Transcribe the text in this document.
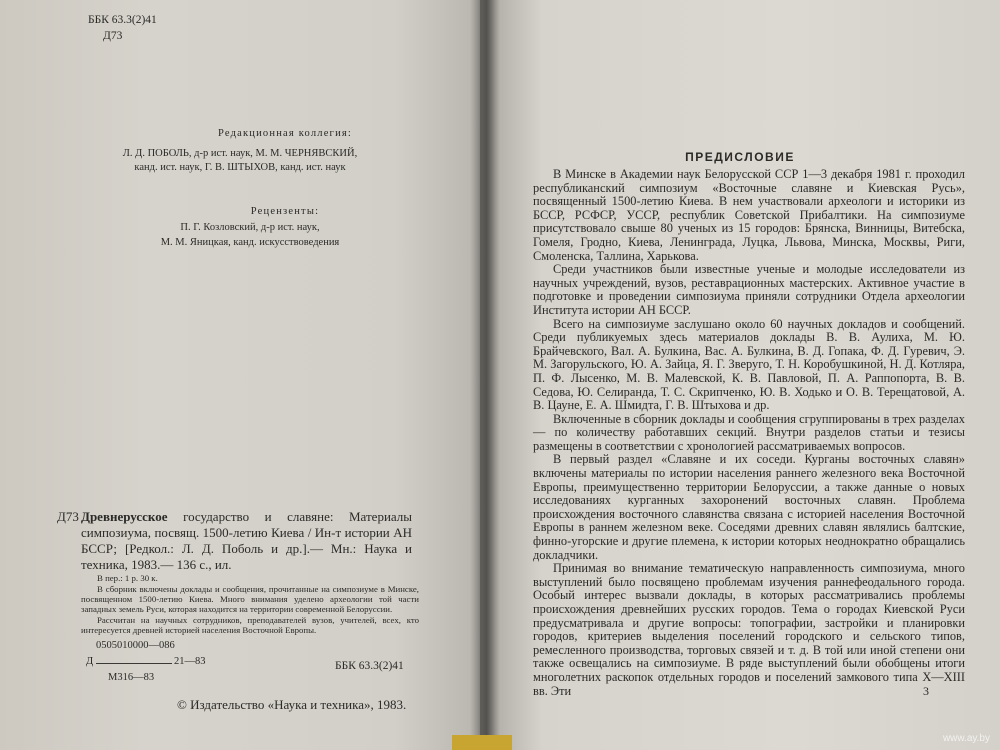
ББК 63.3(2)41
Д73
Редакционная коллегия:
Л. Д. ПОБОЛЬ, д-р ист. наук, М. М. ЧЕРНЯВСКИЙ,
канд. ист. наук, Г. В. ШТЫХОВ, канд. ист. наук
Рецензенты:
П. Г. Козловский, д-р ист. наук,
М. М. Яницкая, канд. искусствоведения
Д73 Древнерусское государство и славяне: Материалы симпозиума, посвящ. 1500-летию Киева / Ин-т истории АН БССР; [Редкол.: Л. Д. Поболь и др.].— Мн.: Наука и техника, 1983.— 136 с., ил.

В пер.: 1 р. 30 к.
В сборник включены доклады и сообщения, прочитанные на симпозиуме в Минске, посвященном 1500-летию Киева. Много внимания уделено археологии той части западных земель Руси, которая находится на территории современной Белоруссии.
Рассчитан на научных сотрудников, преподавателей вузов, учителей, всех, кто интересуется древней историей населения Восточной Европы.
0505010000—086
Д	21—83
М316—83
ББК 63.3(2)41
© Издательство «Наука и техника», 1983.
ПРЕДИСЛОВИЕ

В Минске в Академии наук Белорусской ССР 1—3 декабря 1981 г. проходил республиканский симпозиум «Восточные славяне и Киевская Русь», посвященный 1500-летию Киева. В нем участвовали археологи и историки из БССР, РСФСР, УССР, республик Советской Прибалтики. На симпозиуме присутствовало свыше 80 ученых из 15 городов: Брянска, Винницы, Витебска, Гомеля, Гродно, Киева, Ленинграда, Луцка, Львова, Минска, Москвы, Риги, Смоленска, Таллина, Харькова.

Среди участников были известные ученые и молодые исследователи из научных учреждений, вузов, реставрационных мастерских. Активное участие в подготовке и проведении симпозиума приняли сотрудники Отдела археологии Института истории АН БССР.

Всего на симпозиуме заслушано около 60 научных докладов и сообщений. Среди публикуемых здесь материалов доклады В. В. Аулиха, М. Ю. Брайчевского, Вал. А. Булкина, Вас. А. Булкина, В. Д. Гопака, Ф. Д. Гуревич, Э. М. Загорульского, Ю. А. Зайца, Я. Г. Зверуго, Т. Н. Коробушкиной, Н. Д. Котляра, П. Ф. Лысенко, М. В. Малевской, К. В. Павловой, П. А. Раппопорта, В. В. Седова, Ю. Селиранда, Т. С. Скрипченко, Ю. В. Ходько и О. В. Терещатовой, А. В. Цауне, Е. А. Шмидта, Г. В. Штыхова и др.

Включенные в сборник доклады и сообщения сгруппированы в трех разделах — по количеству работавших секций. Внутри разделов статьи и тезисы размещены в соответствии с хронологией рассматриваемых вопросов.

В первый раздел «Славяне и их соседи. Курганы восточных славян» включены материалы по истории населения раннего железного века Восточной Европы, преимущественно территории Белоруссии, а также данные о новых исследованиях курганных захоронений восточных славян. Проблема происхождения восточного славянства связана с историей населения Восточной Европы в раннем железном веке. Соседями древних славян являлись балтские, финно-угорские и другие племена, к истории которых неоднократно обращались докладчики.

Принимая во внимание тематическую направленность симпозиума, много выступлений было посвящено проблемам изучения раннефеодального города. Особый интерес вызвали доклады, в которых рассматривались проблемы происхождения древнейших русских городов. Тема о городах Киевской Руси предусматривала и другие вопросы: топографии, застройки и планировки городов, критериев выделения поселений городского и сельского типов, ремесленного производства, торговых связей и т. д. В той или иной степени они также освещались на симпозиуме. В ряде выступлений были обобщены итоги многолетних раскопок отдельных городов и поселений замкового типа X—XIII вв. Эти	3
www.ay.by
